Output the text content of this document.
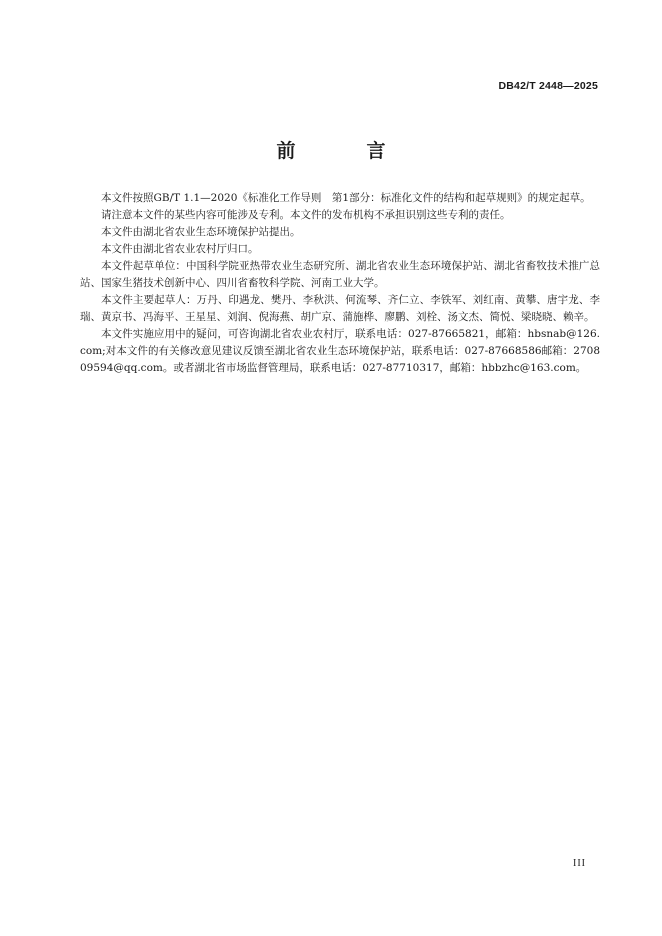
DB42/T 2448—2025
前　言

本文件按照GB/T 1.1—2020《标准化工作导则　第1部分：标准化文件的结构和起草规则》的规定起草。

请注意本文件的某些内容可能涉及专利。本文件的发布机构不承担识别这些专利的责任。

本文件由湖北省农业生态环境保护站提出。

本文件由湖北省农业农村厅归口。

本文件起草单位：中国科学院亚热带农业生态研究所、湖北省农业生态环境保护站、湖北省畜牧技术推广总站、国家生猪技术创新中心、四川省畜牧科学院、河南工业大学。

本文件主要起草人：万丹、印遇龙、樊丹、李秋洪、何流琴、齐仁立、李铁军、刘红南、黄攀、唐宇龙、李瑞、黄京书、冯海平、王星星、刘润、倪海燕、胡广京、蒲施桦、廖鹏、刘栓、汤文杰、简悦、梁晓晓、赖辛。

本文件实施应用中的疑问，可咨询湖北省农业农村厅，联系电话：027-87665821，邮箱：hbsnab@126.com;对本文件的有关修改意见建议反馈至湖北省农业生态环境保护站，联系电话：027-87668586邮箱：270809594@qq.com。或者湖北省市场监督管理局，联系电话：027-87710317，邮箱：hbbzhc@163.com。

III
